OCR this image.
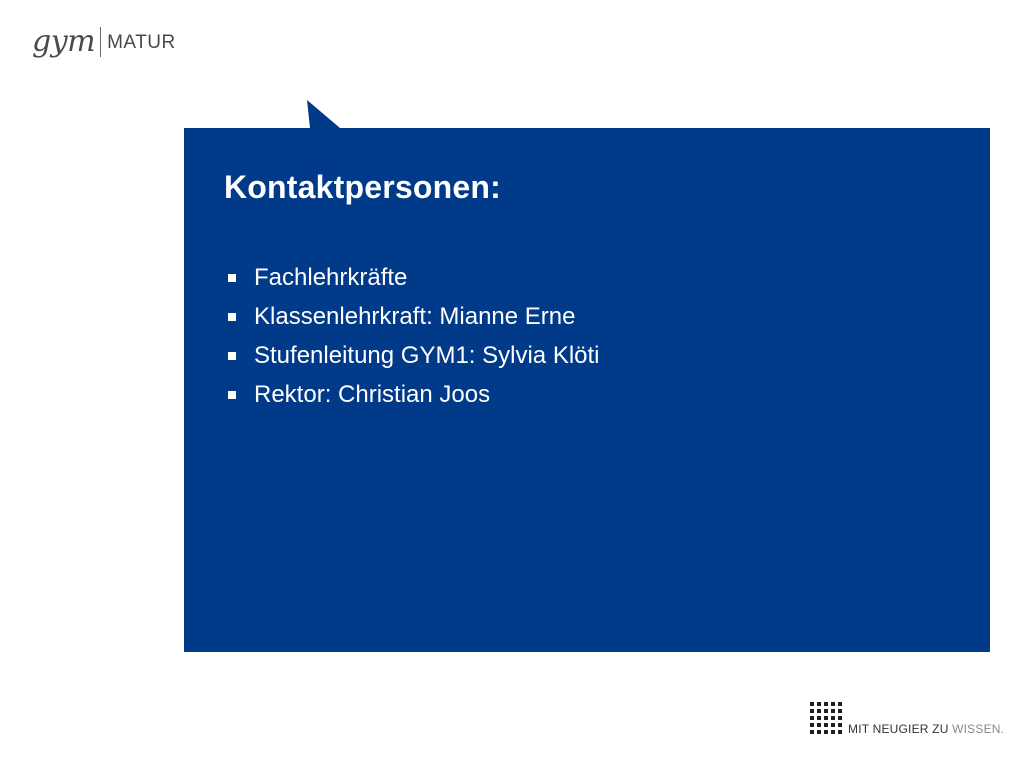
gym MATUR
Kontaktpersonen:
Fachlehrkräfte
Klassenlehrkraft: Mianne Erne
Stufenleitung GYM1: Sylvia Klöti
Rektor: Christian Joos
MIT NEUGIER ZU WISSEN.
